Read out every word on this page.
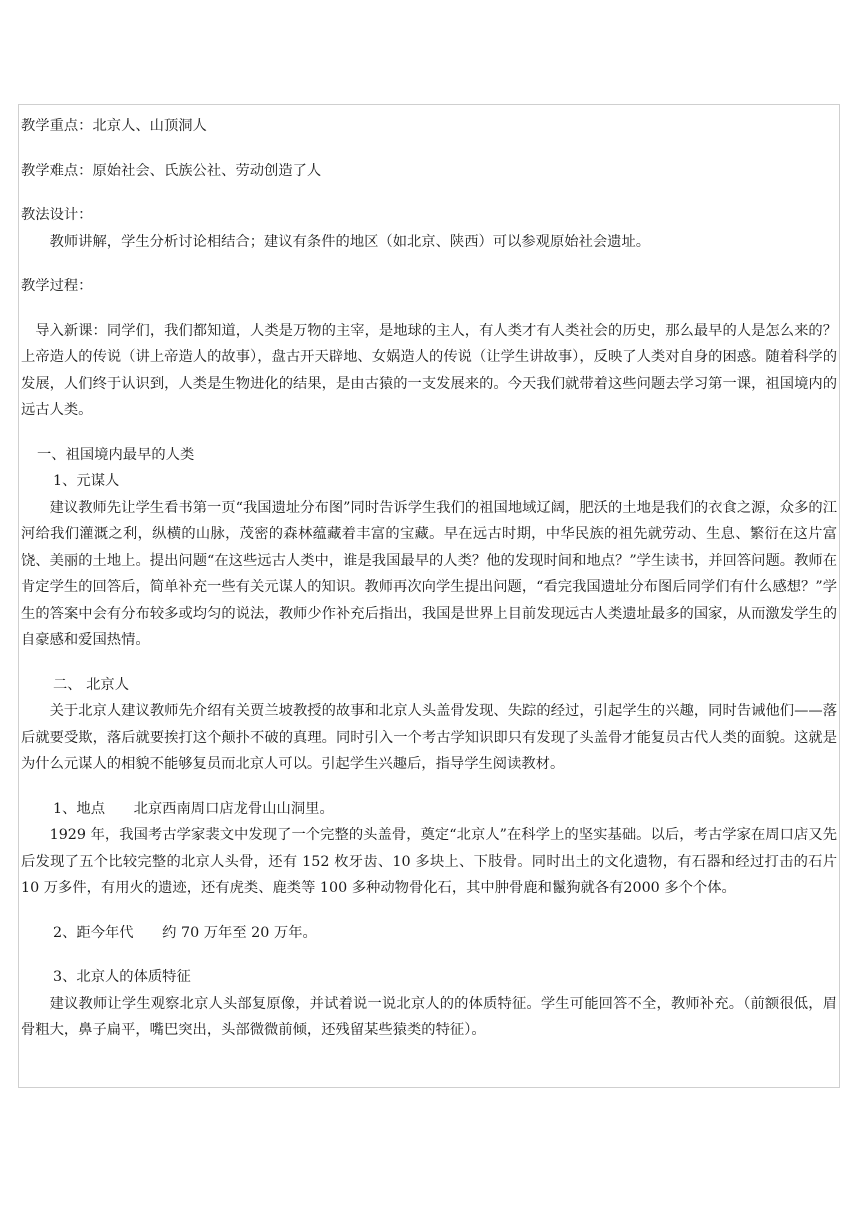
教学重点：北京人、山顶洞人

教学难点：原始社会、氏族公社、劳动创造了人

教法设计：

教师讲解，学生分析讨论相结合；建议有条件的地区（如北京、陕西）可以参观原始社会遗址。

教学过程：

导入新课：同学们，我们都知道，人类是万物的主宰，是地球的主人，有人类才有人类社会的历史，那么最早的人是怎么来的？上帝造人的传说（讲上帝造人的故事），盘古开天辟地、女娲造人的传说（让学生讲故事），反映了人类对自身的困惑。随着科学的发展，人们终于认识到，人类是生物进化的结果，是由古猿的一支发展来的。今天我们就带着这些问题去学习第一课，祖国境内的远古人类。

一、祖国境内最早的人类

1、元谋人

建议教师先让学生看书第一页“我国遗址分布图”同时告诉学生我们的祖国地域辽阔，肥沃的土地是我们的衣食之源，众多的江河给我们灌溉之利，纵横的山脉，茂密的森林蕴藏着丰富的宝藏。早在远古时期，中华民族的祖先就劳动、生息、繁衍在这片富饶、美丽的土地上。提出问题“在这些远古人类中，谁是我国最早的人类？他的发现时间和地点？”学生读书，并回答问题。教师在肯定学生的回答后，简单补充一些有关元谋人的知识。教师再次向学生提出问题，“看完我国遗址分布图后同学们有什么感想？”学生的答案中会有分布较多或均匀的说法，教师少作补充后指出，我国是世界上目前发现远古人类遗址最多的国家，从而激发学生的自豪感和爱国热情。

二、 北京人

关于北京人建议教师先介绍有关贾兰坡教授的故事和北京人头盖骨发现、失踪的经过，引起学生的兴趣，同时告诫他们——落后就要受欺，落后就要挨打这个颠扑不破的真理。同时引入一个考古学知识即只有发现了头盖骨才能复员古代人类的面貌。这就是为什么元谋人的相貌不能够复员而北京人可以。引起学生兴趣后，指导学生阅读教材。

1、地点　　北京西南周口店龙骨山山洞里。

1929 年，我国考古学家裴文中发现了一个完整的头盖骨，奠定“北京人”在科学上的坚实基础。以后，考古学家在周口店又先后发现了五个比较完整的北京人头骨，还有 152 枚牙齿、10 多块上、下肢骨。同时出土的文化遗物，有石器和经过打击的石片 10 万多件，有用火的遗迹，还有虎类、鹿类等 100 多种动物骨化石，其中肿骨鹿和鬣狗就各有2000 多个个体。

2、距今年代　　约 70 万年至 20 万年。

3、北京人的体质特征

建议教师让学生观察北京人头部复原像，并试着说一说北京人的的体质特征。学生可能回答不全，教师补充。（前额很低，眉骨粗大，鼻子扁平，嘴巴突出，头部微微前倾，还残留某些猿类的特征）。
